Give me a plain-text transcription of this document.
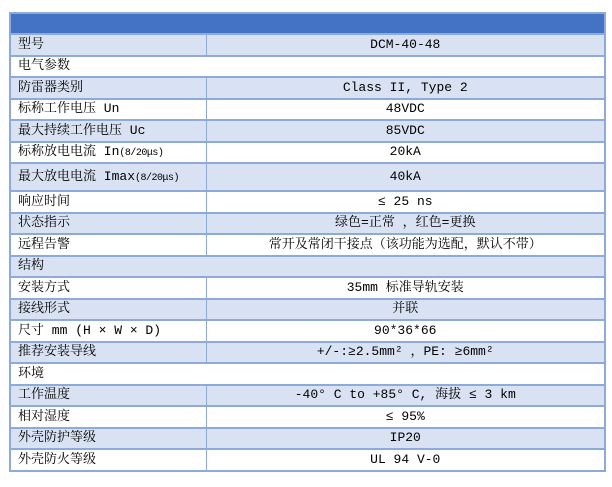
型号	DCM-40-48
电气参数	
防雷器类别	Class II, Type 2
标称工作电压 Un	48VDC
最大持续工作电压 Uc	85VDC
标称放电电流 In(8/20μs)	20kA
最大放电电流 Imax(8/20μs)	40kA
响应时间	≤ 25 ns
状态指示	绿色=正常 ，红色=更换
远程告警	常开及常闭干接点（该功能为选配，默认不带）
结构	
安装方式	35mm 标准导轨安装
接线形式	并联
尺寸 mm (H × W × D)	90*36*66
推荐安装导线	+/-:≥2.5mm² ，PE: ≥6mm²
环境	
工作温度	-40° C to +85° C, 海拔 ≤ 3 km
相对湿度	≤ 95%
外壳防护等级	IP20
外壳防火等级	UL 94 V-0
